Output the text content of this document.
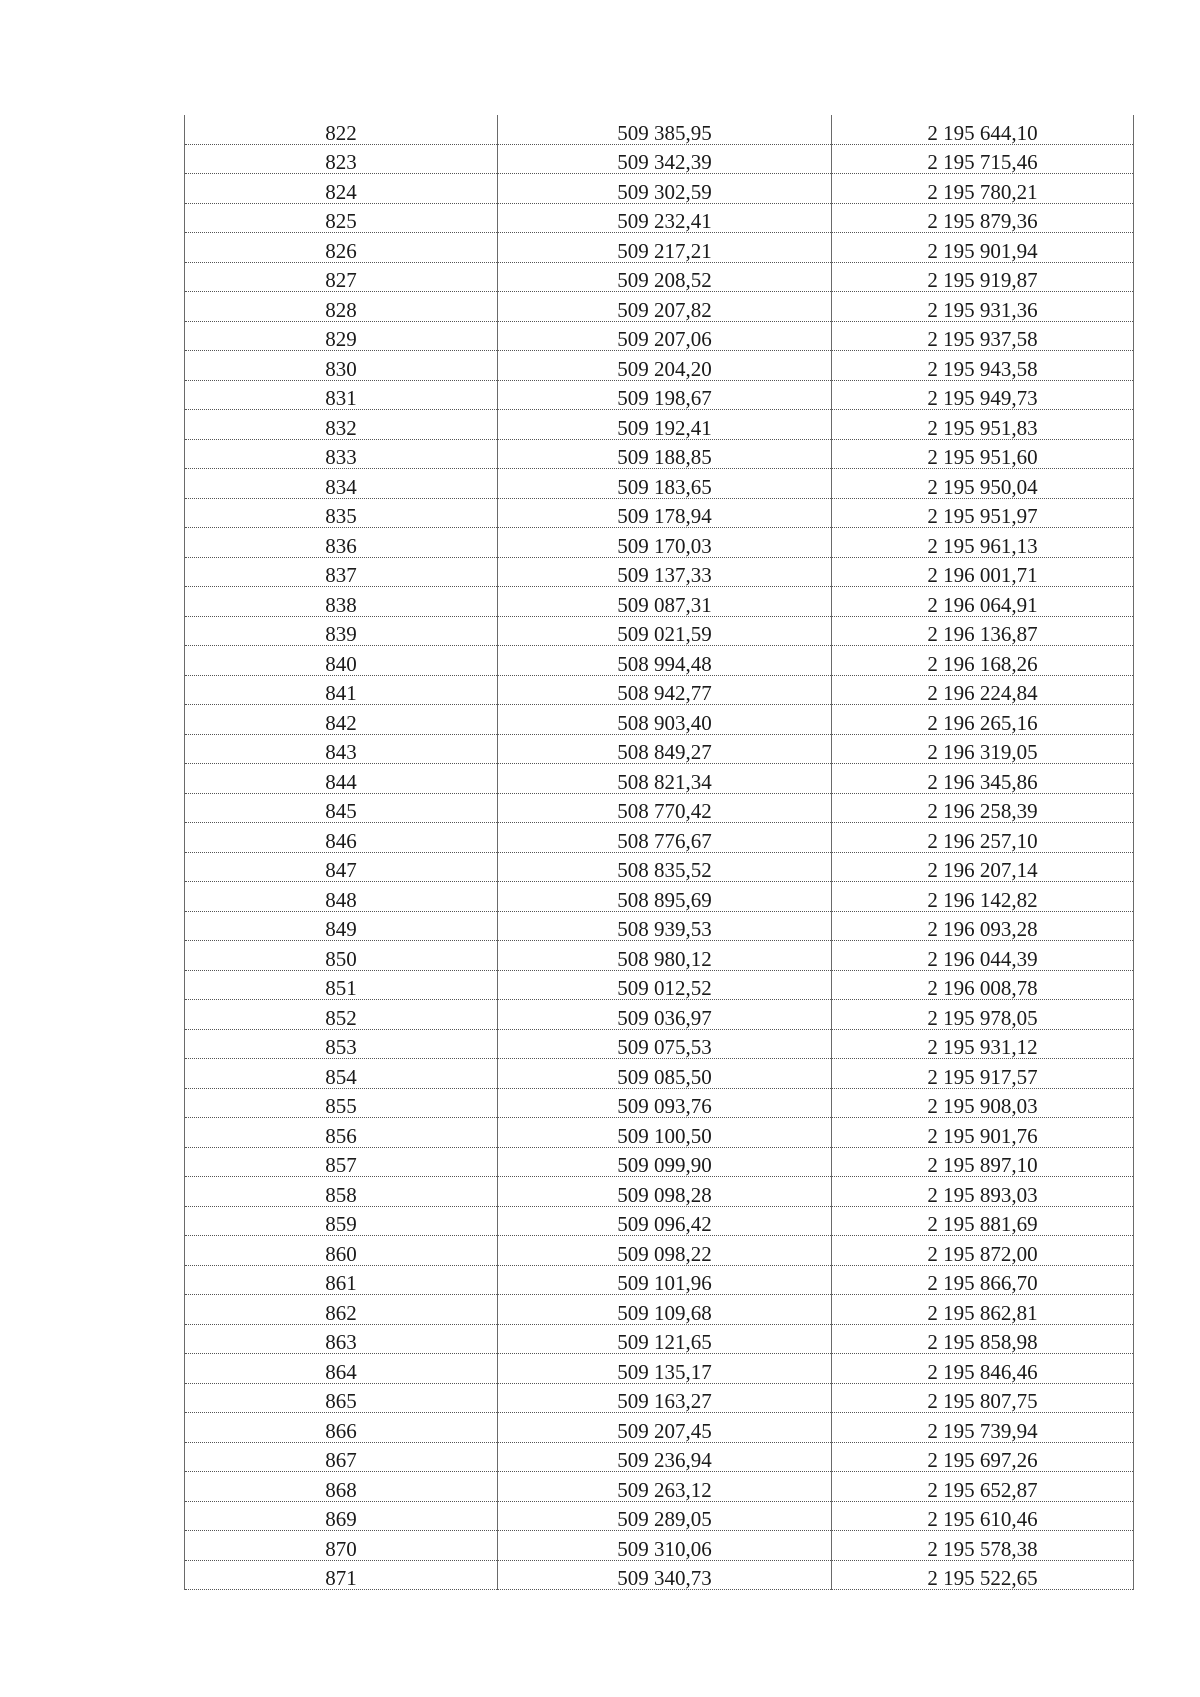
822	509 385,95	2 195 644,10
823	509 342,39	2 195 715,46
824	509 302,59	2 195 780,21
825	509 232,41	2 195 879,36
826	509 217,21	2 195 901,94
827	509 208,52	2 195 919,87
828	509 207,82	2 195 931,36
829	509 207,06	2 195 937,58
830	509 204,20	2 195 943,58
831	509 198,67	2 195 949,73
832	509 192,41	2 195 951,83
833	509 188,85	2 195 951,60
834	509 183,65	2 195 950,04
835	509 178,94	2 195 951,97
836	509 170,03	2 195 961,13
837	509 137,33	2 196 001,71
838	509 087,31	2 196 064,91
839	509 021,59	2 196 136,87
840	508 994,48	2 196 168,26
841	508 942,77	2 196 224,84
842	508 903,40	2 196 265,16
843	508 849,27	2 196 319,05
844	508 821,34	2 196 345,86
845	508 770,42	2 196 258,39
846	508 776,67	2 196 257,10
847	508 835,52	2 196 207,14
848	508 895,69	2 196 142,82
849	508 939,53	2 196 093,28
850	508 980,12	2 196 044,39
851	509 012,52	2 196 008,78
852	509 036,97	2 195 978,05
853	509 075,53	2 195 931,12
854	509 085,50	2 195 917,57
855	509 093,76	2 195 908,03
856	509 100,50	2 195 901,76
857	509 099,90	2 195 897,10
858	509 098,28	2 195 893,03
859	509 096,42	2 195 881,69
860	509 098,22	2 195 872,00
861	509 101,96	2 195 866,70
862	509 109,68	2 195 862,81
863	509 121,65	2 195 858,98
864	509 135,17	2 195 846,46
865	509 163,27	2 195 807,75
866	509 207,45	2 195 739,94
867	509 236,94	2 195 697,26
868	509 263,12	2 195 652,87
869	509 289,05	2 195 610,46
870	509 310,06	2 195 578,38
871	509 340,73	2 195 522,65
